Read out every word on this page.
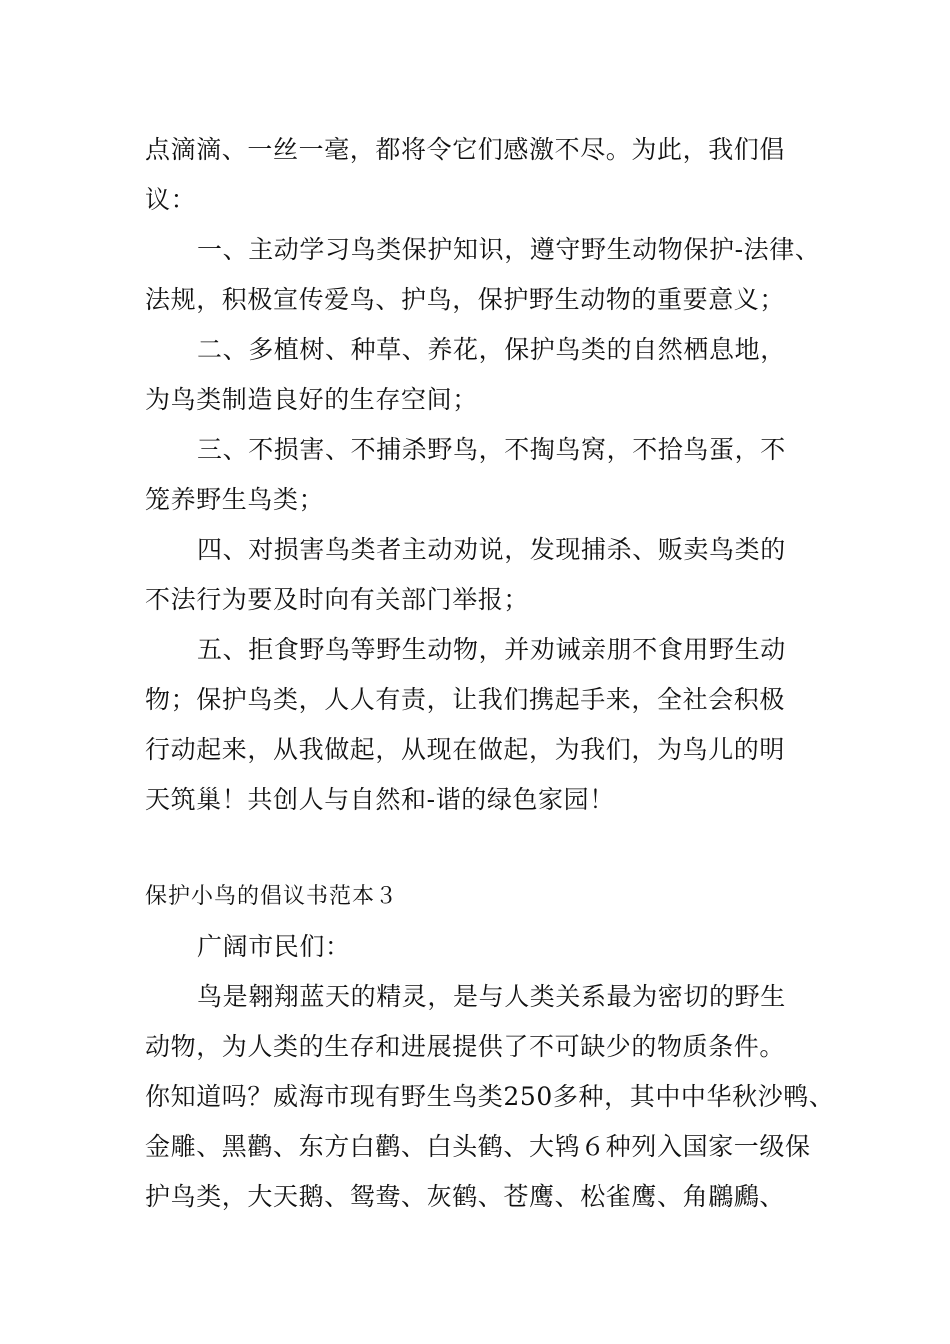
点滴滴、一丝一毫，都将令它们感激不尽。为此，我们倡
议：
一、主动学习鸟类保护知识，遵守野生动物保护-法律、
法规，积极宣传爱鸟、护鸟，保护野生动物的重要意义；
二、多植树、种草、养花，保护鸟类的自然栖息地，
为鸟类制造良好的生存空间；
三、不损害、不捕杀野鸟，不掏鸟窝，不拾鸟蛋，不
笼养野生鸟类；
四、对损害鸟类者主动劝说，发现捕杀、贩卖鸟类的
不法行为要及时向有关部门举报；
五、拒食野鸟等野生动物，并劝诫亲朋不食用野生动
物；保护鸟类，人人有责，让我们携起手来，全社会积极
行动起来，从我做起，从现在做起，为我们，为鸟儿的明
天筑巢！共创人与自然和-谐的绿色家园！
保护小鸟的倡议书范本３
广阔市民们：
鸟是翱翔蓝天的精灵，是与人类关系最为密切的野生
动物，为人类的生存和进展提供了不可缺少的物质条件。
你知道吗？威海市现有野生鸟类250多种，其中中华秋沙鸭、
金雕、黑鹳、东方白鹳、白头鹤、大鸨６种列入国家一级保
护鸟类，大天鹅、鸳鸯、灰鹤、苍鹰、松雀鹰、角鸊鷉、
